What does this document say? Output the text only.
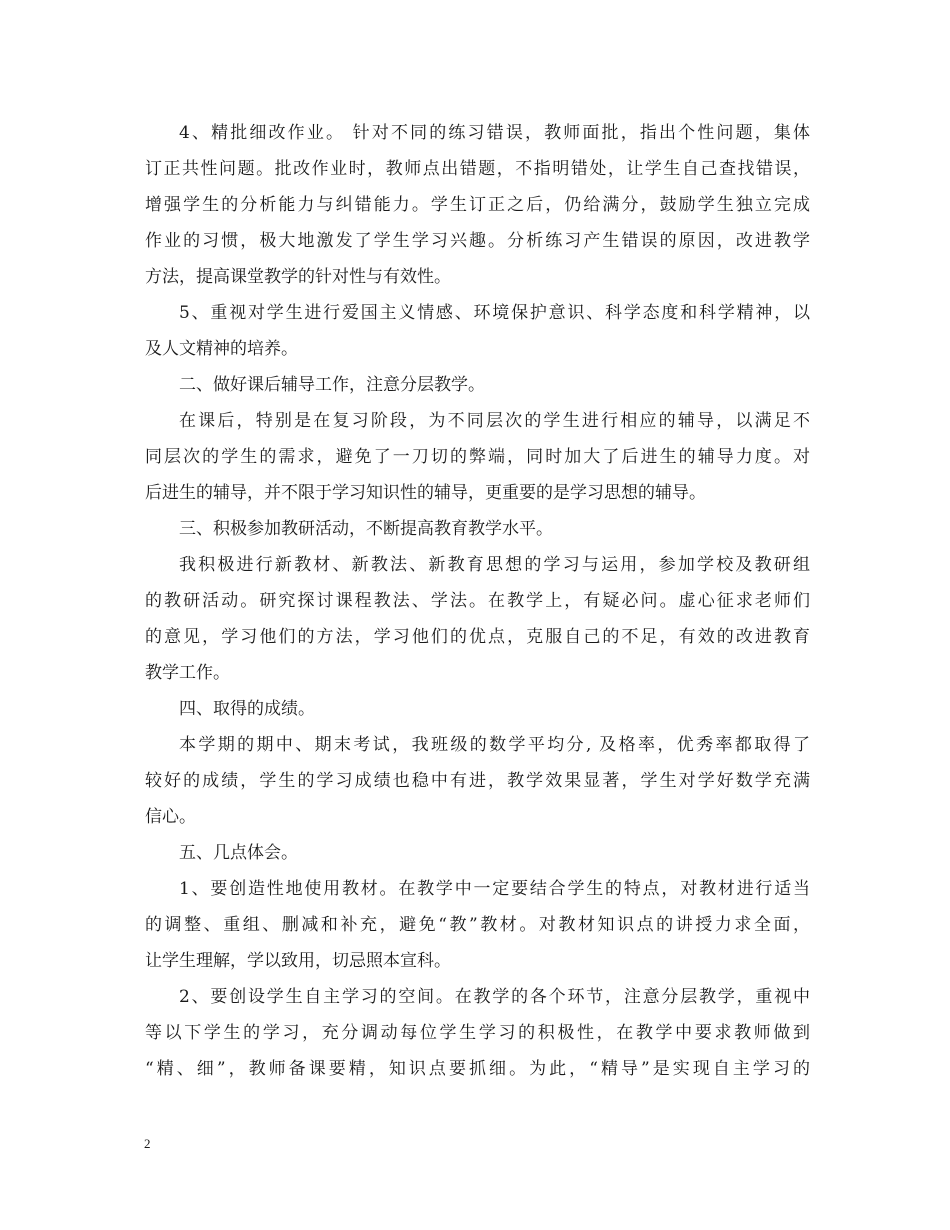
4、精批细改作业。 针对不同的练习错误，教师面批，指出个性问题，集体
订正共性问题。批改作业时，教师点出错题，不指明错处，让学生自己查找错误，
增强学生的分析能力与纠错能力。学生订正之后，仍给满分，鼓励学生独立完成
作业的习惯，极大地激发了学生学习兴趣。分析练习产生错误的原因，改进教学
方法，提高课堂教学的针对性与有效性。
5、重视对学生进行爱国主义情感、环境保护意识、科学态度和科学精神，以
及人文精神的培养。
二、做好课后辅导工作，注意分层教学。
在课后，特别是在复习阶段，为不同层次的学生进行相应的辅导，以满足不
同层次的学生的需求，避免了一刀切的弊端，同时加大了后进生的辅导力度。对
后进生的辅导，并不限于学习知识性的辅导，更重要的是学习思想的辅导。
三、积极参加教研活动，不断提高教育教学水平。
我积极进行新教材、新教法、新教育思想的学习与运用，参加学校及教研组
的教研活动。研究探讨课程教法、学法。在教学上，有疑必问。虚心征求老师们
的意见，学习他们的方法，学习他们的优点，克服自己的不足，有效的改进教育
教学工作。
四、取得的成绩。
本学期的期中、期末考试，我班级的数学平均分, 及格率，优秀率都取得了
较好的成绩，学生的学习成绩也稳中有进，教学效果显著，学生对学好数学充满
信心。
五、几点体会。
1、要创造性地使用教材。在教学中一定要结合学生的特点，对教材进行适当
的调整、重组、删减和补充，避免“教”教材。对教材知识点的讲授力求全面，
让学生理解，学以致用，切忌照本宣科。
2、要创设学生自主学习的空间。在教学的各个环节，注意分层教学，重视中
等以下学生的学习，充分调动每位学生学习的积极性，在教学中要求教师做到
“精、细”，教师备课要精，知识点要抓细。为此，“精导”是实现自主学习的
2
